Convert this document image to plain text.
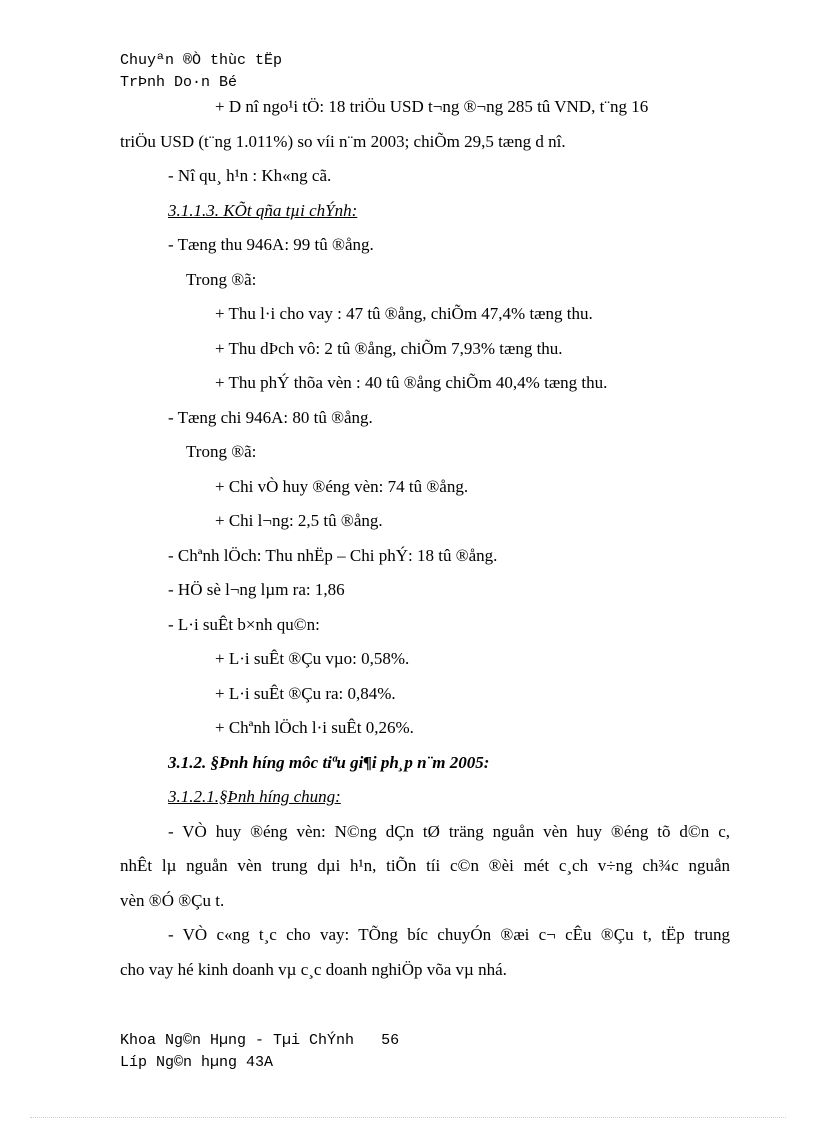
Chuyªn ®Ò thùc tËp
TrÞnh Do·n Bé
+ D nî ngo¹i tÖ: 18 triÖu USD t¬ng ®¬ng 285 tû VND, t¨ng 16
triÖu USD (t¨ng 1.011%) so víi n¨m 2003; chiÕm 29,5 tæng d nî.
- Nî qu¸ h¹n : Kh«ng cã.
3.1.1.3. KÕt qña tµi chÝnh:
- Tæng thu 946A: 99 tû ®ång.
Trong ®ã:
+ Thu l·i cho vay : 47 tû ®ång, chiÕm 47,4% tæng thu.
+ Thu dÞch vô: 2 tû ®ång, chiÕm 7,93% tæng thu.
+ Thu phÝ thõa vèn : 40 tû ®ång chiÕm 40,4% tæng thu.
- Tæng chi 946A: 80 tû ®ång.
Trong ®ã:
+ Chi vÒ huy ®éng vèn: 74 tû ®ång.
+ Chi l¬ng: 2,5 tû ®ång.
- Chªnh lÖch: Thu nhËp – Chi phÝ: 18 tû ®ång.
- HÖ sè l¬ng lµm ra: 1,86
- L·i suÊt b×nh qu©n:
+ L·i suÊt ®Çu vµo: 0,58%.
+ L·i suÊt ®Çu ra: 0,84%.
+ Chªnh lÖch l·i suÊt 0,26%.
3.1.2. §Þnh híng môc tiªu gi¶i ph¸p n¨m 2005:
3.1.2.1.§Þnh híng chung:
- VÒ huy ®éng vèn: N©ng dÇn tØ träng nguån vèn huy ®éng tõ d©n c,
nhÊt lµ nguån vèn trung dµi h¹n, tiÕn tíi c©n ®èi mét c¸ch v÷ng ch¾c nguån
vèn ®Ó ®Çu t.
- VÒ c«ng t¸c cho vay: TÕng bíc chuyÓn ®æi c¬ cÊu ®Çu t, tËp trung
cho vay hé kinh doanh vµ c¸c doanh nghiÖp võa vµ nhá.
Khoa Ng©n Hµng - Tµi ChÝnh 56
Líp Ng©n hµng 43A
